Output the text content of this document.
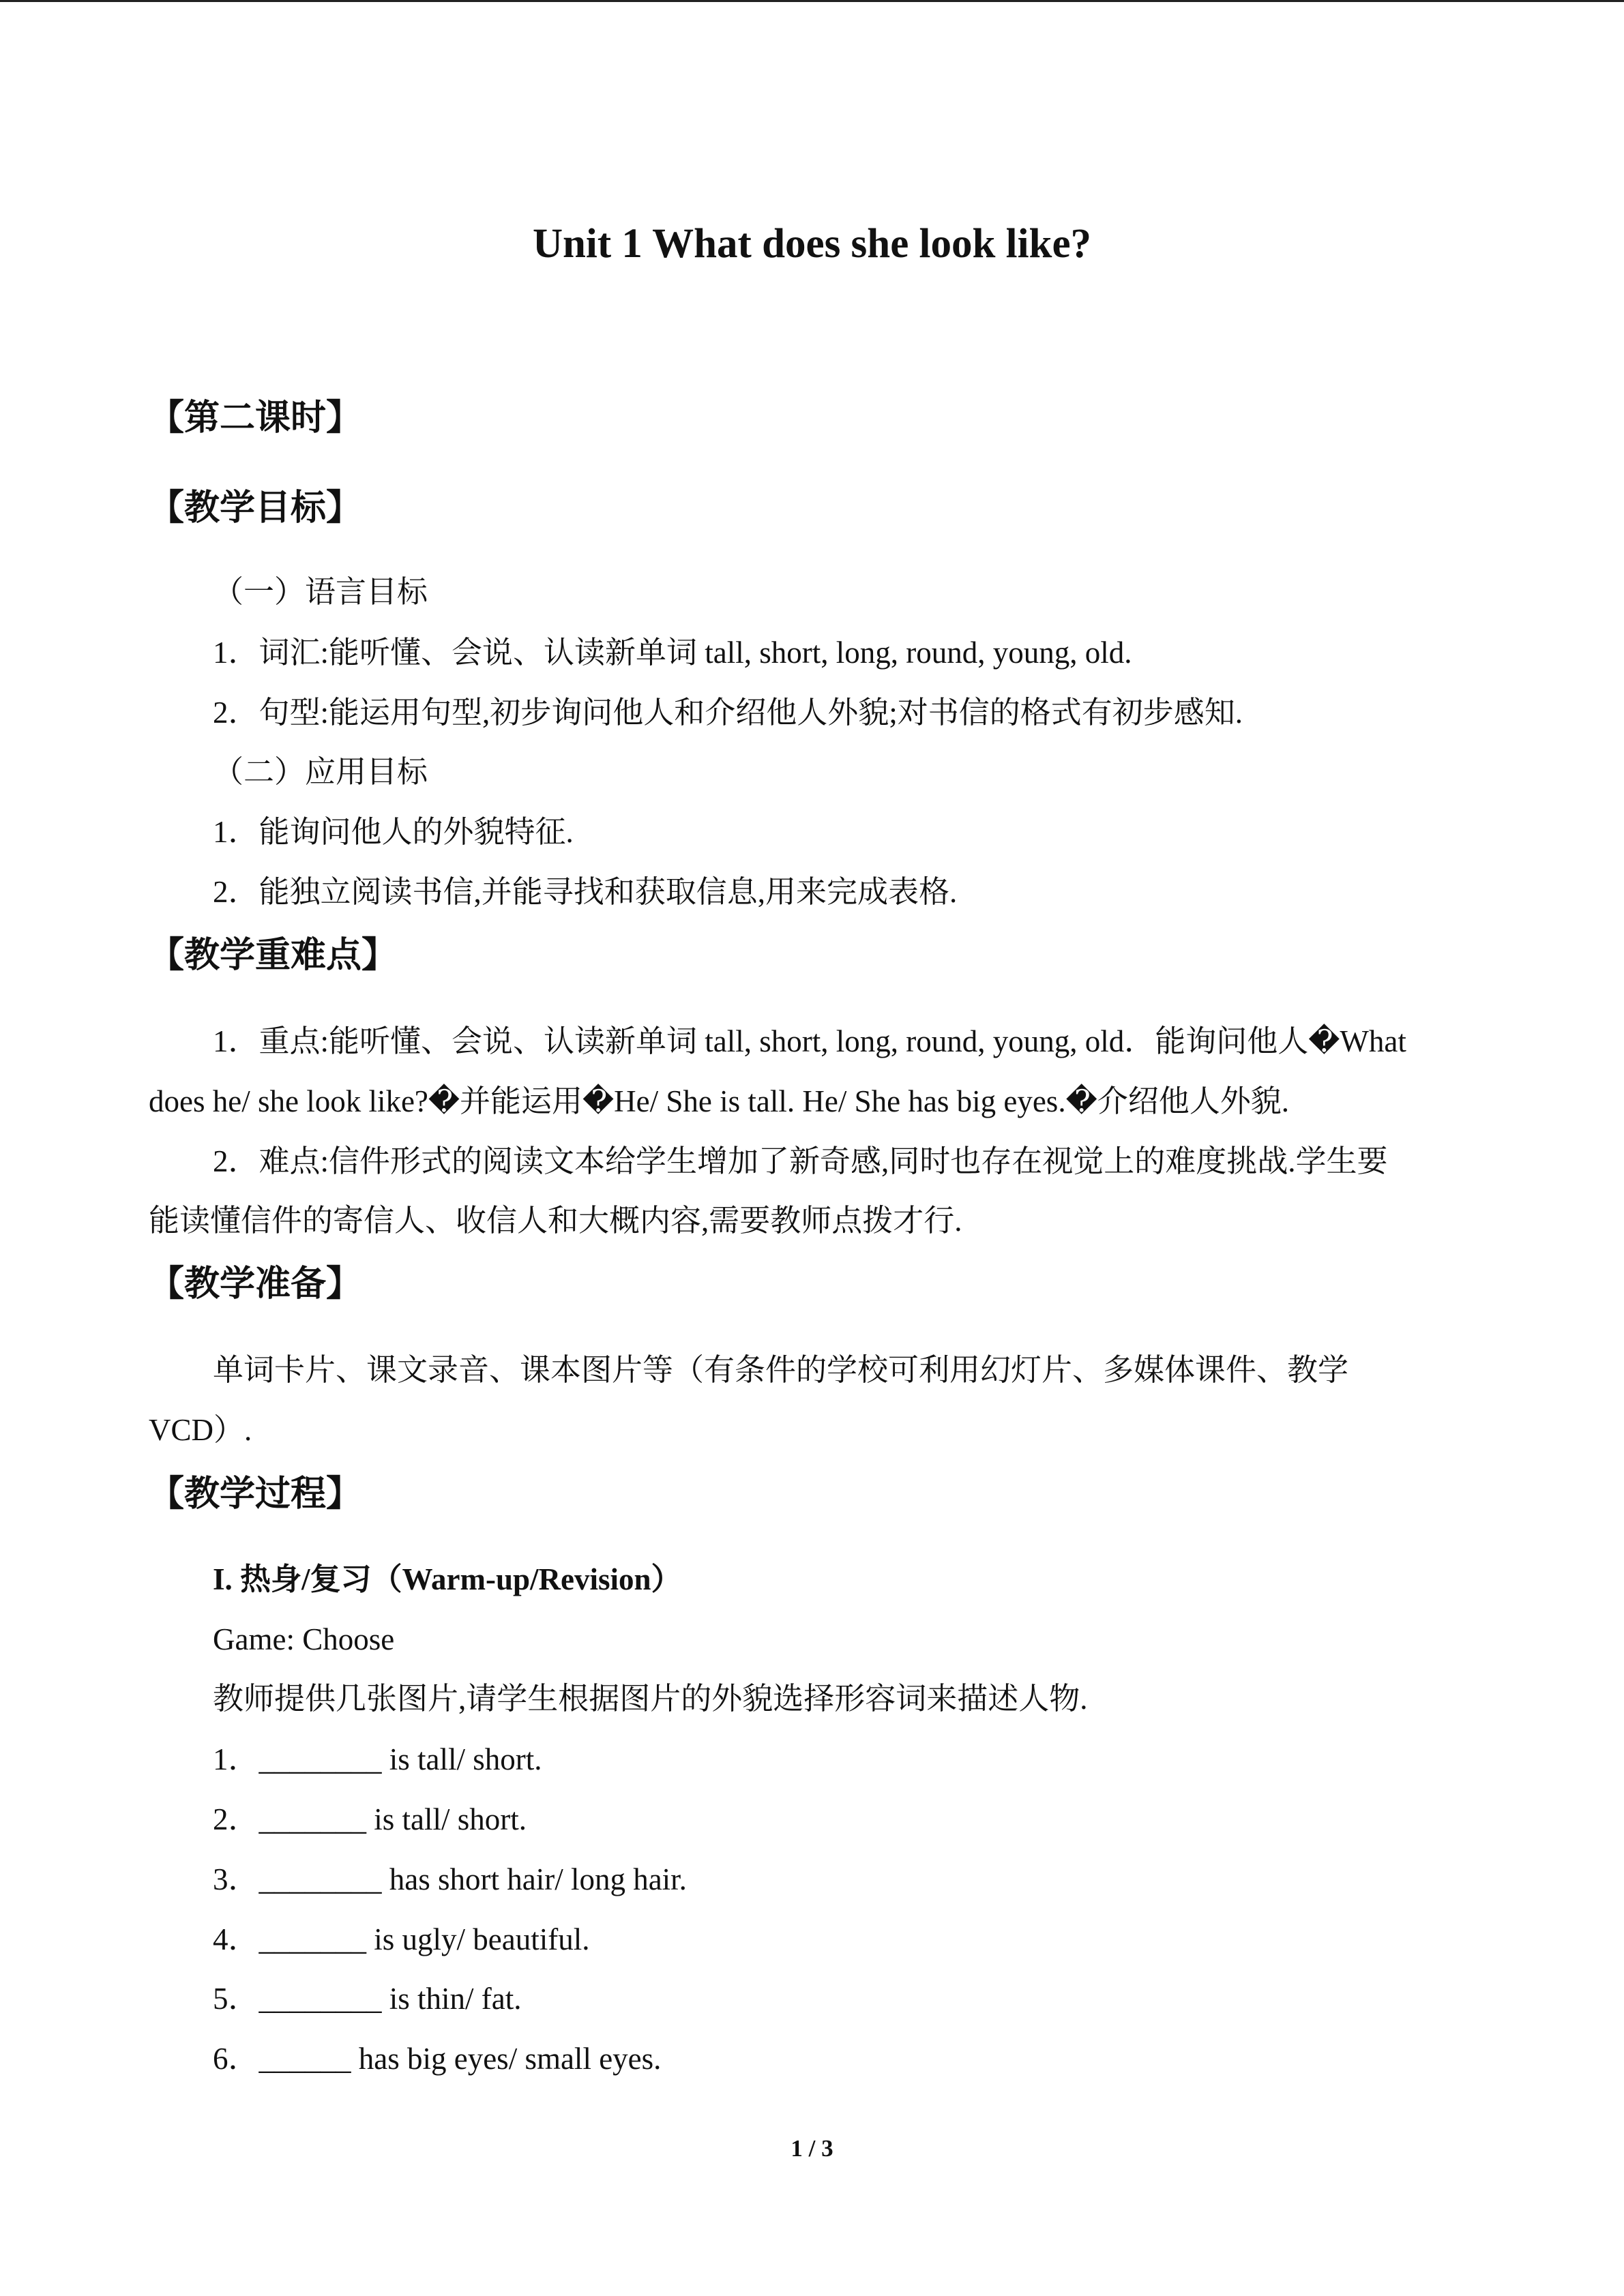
Unit 1 What does she look like?

【第二课时】

【教学目标】

（一）语言目标

1．词汇:能听懂、会说、认读新单词 tall, short, long, round, young, old.

2．句型:能运用句型,初步询问他人和介绍他人外貌;对书信的格式有初步感知.

（二）应用目标

1．能询问他人的外貌特征.

2．能独立阅读书信,并能寻找和获取信息,用来完成表格.

【教学重难点】

1．重点:能听懂、会说、认读新单词 tall, short, long, round, young, old．能询问他人�What

does he/ she look like?�并能运用�He/ She is tall. He/ She has big eyes.�介绍他人外貌.

2．难点:信件形式的阅读文本给学生增加了新奇感,同时也存在视觉上的难度挑战.学生要

能读懂信件的寄信人、收信人和大概内容,需要教师点拨才行.

【教学准备】

单词卡片、课文录音、课本图片等（有条件的学校可利用幻灯片、多媒体课件、教学

VCD）.

【教学过程】

I. 热身/复习（Warm-up/Revision）

Game: Choose

教师提供几张图片,请学生根据图片的外貌选择形容词来描述人物.

1．________ is tall/ short.

2．_______ is tall/ short.

3．________ has short hair/ long hair.

4．_______ is ugly/ beautiful.

5．________ is thin/ fat.

6．______ has big eyes/ small eyes.

1 / 3
